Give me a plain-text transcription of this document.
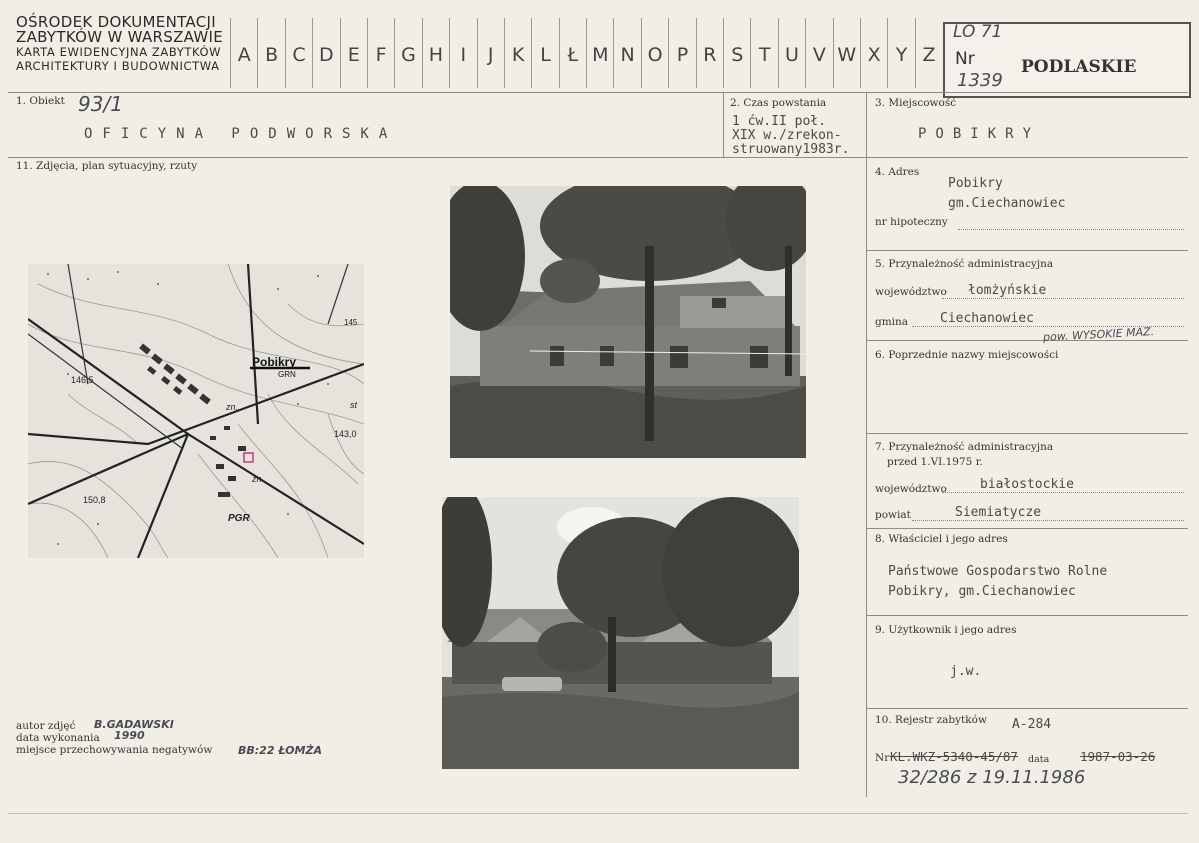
OŚRODEK DOKUMENTACJI
ZABYTKÓW W WARSZAWIE
KARTA EWIDENCYJNA ZABYTKÓW
ARCHITEKTURY I BUDOWNICTWA A B C D E F G H I	J K L Ł M N O P R S T U V W X Y Z
LO 71
Nr
1339
PODLASKIE
1. Obiekt 93/1
OFICYNA PODWORSKA
2. Czas powstania
1 ćw.II poł.
XIX w./zrekon-
struowany1983r.
3. Miejscowość
POBIKRY
11. Zdjęcia, plan sytuacyjny, rzuty	4. Adres
Pobikry
gm.Ciechanowiec
nr hipoteczny
5. Przynależność administracyjna
województwo łomżyńskie
gmina Ciechanowiec
pow. WYSOKIE MAZ.
6. Poprzednie nazwy miejscowości
7. Przynależność administracyjna
przed 1.VI.1975 r.
województwo	białostockie
powiat	Siemiatycze
8. Właściciel i jego adres
Państwowe Gospodarstwo Rolne
Pobikry, gm.Ciechanowiec
9. Użytkownik i jego adres
j.w.
10. Rejestr zabytków A-284
Nr KL.WKZ-5340-45/87 data 1987-03-26
32/286 z 19.11.1986
Pobikry
GRN
146,5
150,8
143,0
PGR
zn.
zn
st
145
autor zdjęć B.GADAWSKI
data wykonania 1990
miejsce przechowywania negatywów BB:22 ŁOMŻA
